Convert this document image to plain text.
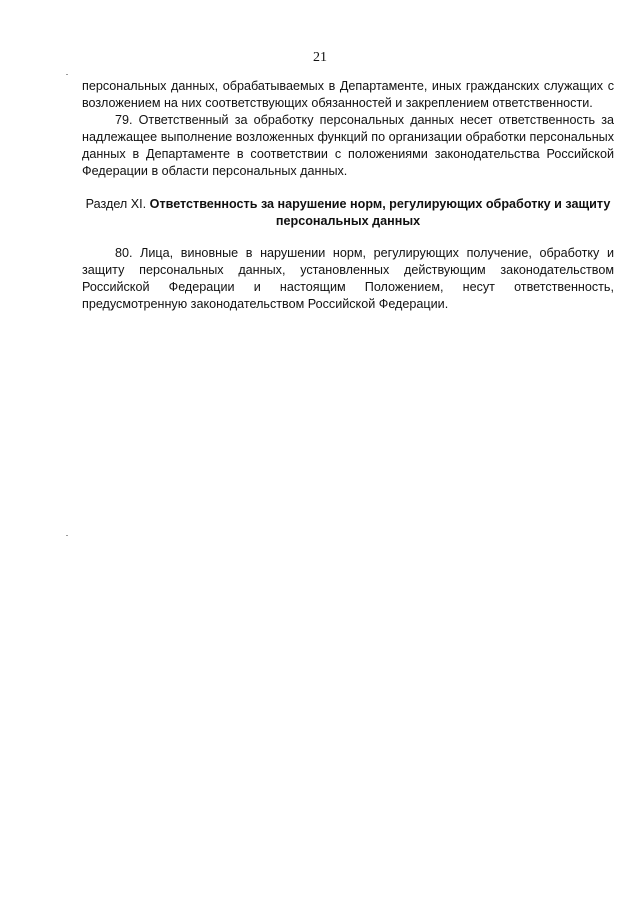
21

персональных данных, обрабатываемых в Департаменте, иных гражданских служащих с возложением на них соответствующих обязанностей и закреплением ответственности.

79. Ответственный за обработку персональных данных несет ответственность за надлежащее выполнение возложенных функций по организации обработки персональных данных в Департаменте в соответствии с положениями законодательства Российской Федерации в области персональных данных.

Раздел XI. Ответственность за нарушение норм, регулирующих обработку и защиту персональных данных

80. Лица, виновные в нарушении норм, регулирующих получение, обработку и защиту персональных данных, установленных действующим законодательством Российской Федерации и настоящим Положением, несут ответственность, предусмотренную законодательством Российской Федерации.
